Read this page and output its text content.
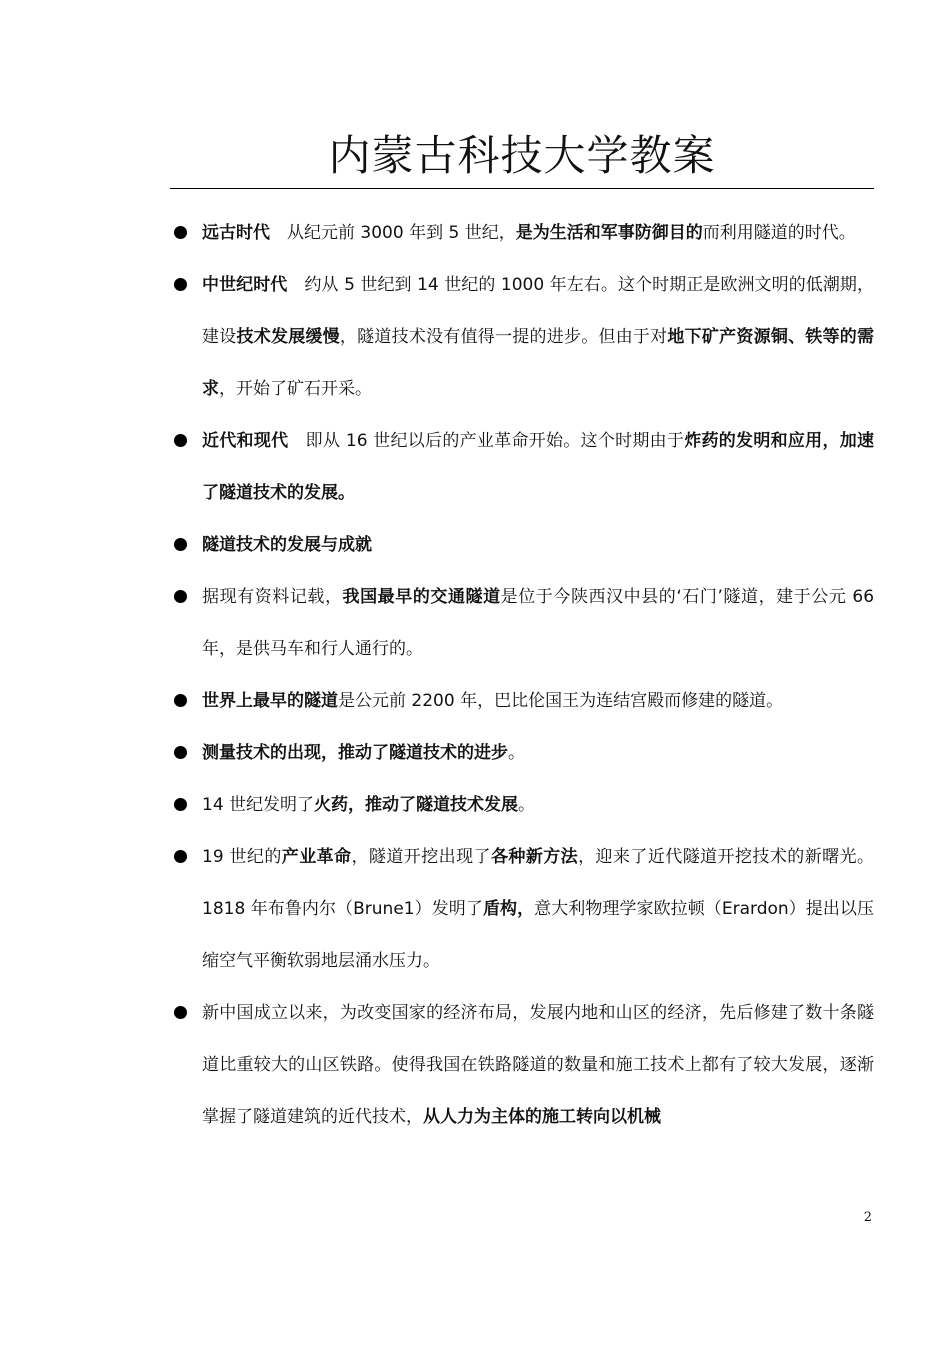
内蒙古科技大学教案
远古时代　从纪元前 3000 年到 5 世纪，是为生活和军事防御目的而利用隧道的时代。
中世纪时代　约从 5 世纪到 14 世纪的 1000 年左右。这个时期正是欧洲文明的低潮期，建设技术发展缓慢，隧道技术没有值得一提的进步。但由于对地下矿产资源铜、铁等的需求，开始了矿石开采。
近代和现代　即从 16 世纪以后的产业革命开始。这个时期由于炸药的发明和应用，加速了隧道技术的发展。
隧道技术的发展与成就
据现有资料记载，我国最早的交通隧道是位于今陕西汉中县的‘石门’隧道，建于公元 66 年，是供马车和行人通行的。
世界上最早的隧道是公元前 2200 年，巴比伦国王为连结宫殿而修建的隧道。
测量技术的出现，推动了隧道技术的进步。
14 世纪发明了火药，推动了隧道技术发展。
19 世纪的产业革命，隧道开挖出现了各种新方法，迎来了近代隧道开挖技术的新曙光。1818 年布鲁内尔（Brune1）发明了盾构，意大利物理学家欧拉顿（Erardon）提出以压缩空气平衡软弱地层涌水压力。
新中国成立以来，为改变国家的经济布局，发展内地和山区的经济，先后修建了数十条隧道比重较大的山区铁路。使得我国在铁路隧道的数量和施工技术上都有了较大发展，逐渐掌握了隧道建筑的近代技术，从人力为主体的施工转向以机械
2
